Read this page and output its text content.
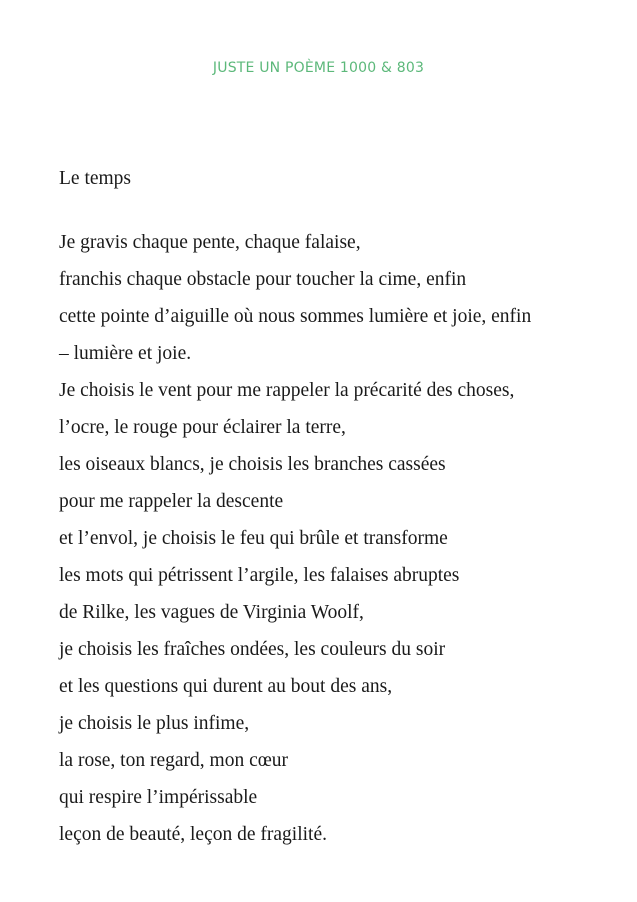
JUSTE UN POÈME 1000 & 803
Le temps
Je gravis chaque pente, chaque falaise,
franchis chaque obstacle pour toucher la cime, enfin
cette pointe d’aiguille où nous sommes lumière et joie, enfin
– lumière et joie.
Je choisis le vent pour me rappeler la précarité des choses,
l’ocre, le rouge pour éclairer la terre,
les oiseaux blancs, je choisis les branches cassées
pour me rappeler la descente
et l’envol, je choisis le feu qui brûle et transforme
les mots qui pétrissent l’argile, les falaises abruptes
de Rilke, les vagues de Virginia Woolf,
je choisis les fraîches ondées, les couleurs du soir
et les questions qui durent au bout des ans,
je choisis le plus infime,
la rose, ton regard, mon cœur
qui respire l’impérissable
leçon de beauté, leçon de fragilité.
